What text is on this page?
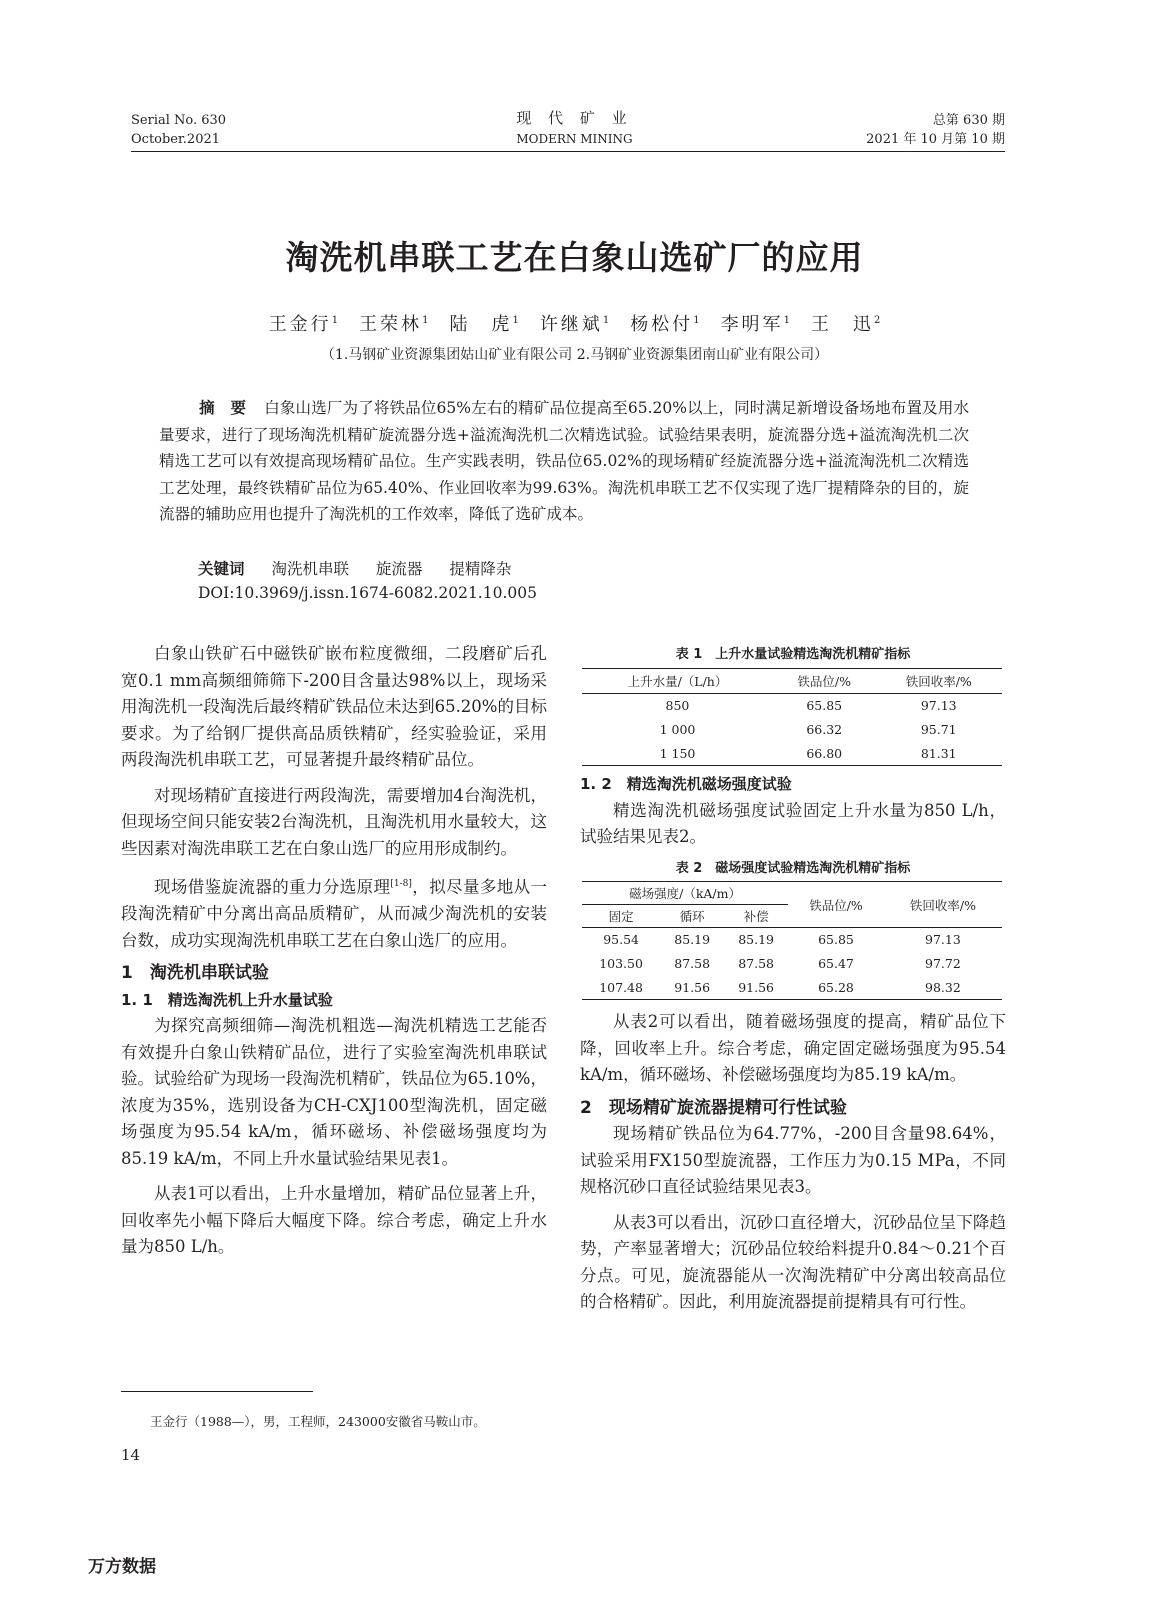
Serial No. 630
October.2021
现 代 矿 业
MODERN MINING
总第 630 期
2021 年 10 月第 10 期
淘洗机串联工艺在白象山选矿厂的应用
王金行$^1$　 王荣林$^1$　 陆　虎$^1$　 许继斌$^1$　 杨松付$^1$　 李明军$^1$　 王　迅$^2$
（1.马钢矿业资源集团姑山矿业有限公司 2.马钢矿业资源集团南山矿业有限公司）
摘　要 白象山选厂为了将铁品位65%左右的精矿品位提高至65.20%以上，同时满足新增设备场地布置及用水量要求，进行了现场淘洗机精矿旋流器分选+溢流淘洗机二次精选试验。试验结果表明，旋流器分选+溢流淘洗机二次精选工艺可以有效提高现场精矿品位。生产实践表明，铁品位65.02%的现场精矿经旋流器分选+溢流淘洗机二次精选工艺处理，最终铁精矿品位为65.40%、作业回收率为99.63%。淘洗机串联工艺不仅实现了选厂提精降杂的目的，旋流器的辅助应用也提升了淘洗机的工作效率，降低了选矿成本。
关键词 淘洗机串联 旋流器 提精降杂
DOI:10.3969/j.issn.1674-6082.2021.10.005

白象山铁矿石中磁铁矿嵌布粒度微细，二段磨矿后孔宽0.1 mm高频细筛筛下-200目含量达98%以上，现场采用淘洗机一段淘洗后最终精矿铁品位未达到65.20%的目标要求。为了给钢厂提供高品质铁精矿，经实验验证，采用两段淘洗机串联工艺，可显著提升最终精矿品位。

对现场精矿直接进行两段淘洗，需要增加4台淘洗机，但现场空间只能安装2台淘洗机，且淘洗机用水量较大，这些因素对淘洗串联工艺在白象山选厂的应用形成制约。

现场借鉴旋流器的重力分选原理[1-8]，拟尽量多地从一段淘洗精矿中分离出高品质精矿，从而减少淘洗机的安装台数，成功实现淘洗机串联工艺在白象山选厂的应用。

1　淘洗机串联试验

1. 1　精选淘洗机上升水量试验

为探究高频细筛—淘洗机粗选—淘洗机精选工艺能否有效提升白象山铁精矿品位，进行了实验室淘洗机串联试验。试验给矿为现场一段淘洗机精矿，铁品位为65.10%，浓度为35%，选别设备为CH-CXJ100型淘洗机，固定磁场强度为95.54 kA/m，循环磁场、补偿磁场强度均为85.19 kA/m，不同上升水量试验结果见表1。

从表1可以看出，上升水量增加，精矿品位显著上升，回收率先小幅下降后大幅度下降。综合考虑，确定上升水量为850 L/h。

表 1　上升水量试验精选淘洗机精矿指标
上升水量/（L/h）	铁品位/%	铁回收率/%
850	65.85	97.13
1 000	66.32	95.71
1 150	66.80	81.31

1. 2　精选淘洗机磁场强度试验

精选淘洗机磁场强度试验固定上升水量为850 L/h，试验结果见表2。

表 2　磁场强度试验精选淘洗机精矿指标
磁场强度/（kA/m）			铁品位/%	铁回收率/%
固定	循环	补偿		
95.54	85.19	85.19	65.85	97.13
103.50	87.58	87.58	65.47	97.72
107.48	91.56	91.56	65.28	98.32

从表2可以看出，随着磁场强度的提高，精矿品位下降，回收率上升。综合考虑，确定固定磁场强度为95.54 kA/m，循环磁场、补偿磁场强度均为85.19 kA/m。

2　现场精矿旋流器提精可行性试验

现场精矿铁品位为64.77%，-200目含量98.64%，试验采用FX150型旋流器，工作压力为0.15 MPa，不同规格沉砂口直径试验结果见表3。

从表3可以看出，沉砂口直径增大，沉砂品位呈下降趋势，产率显著增大；沉砂品位较给料提升0.84～0.21个百分点。可见，旋流器能从一次淘洗精矿中分离出较高品位的合格精矿。因此，利用旋流器提前提精具有可行性。

王金行（1988—），男，工程师，243000安徽省马鞍山市。
14
万方数据
